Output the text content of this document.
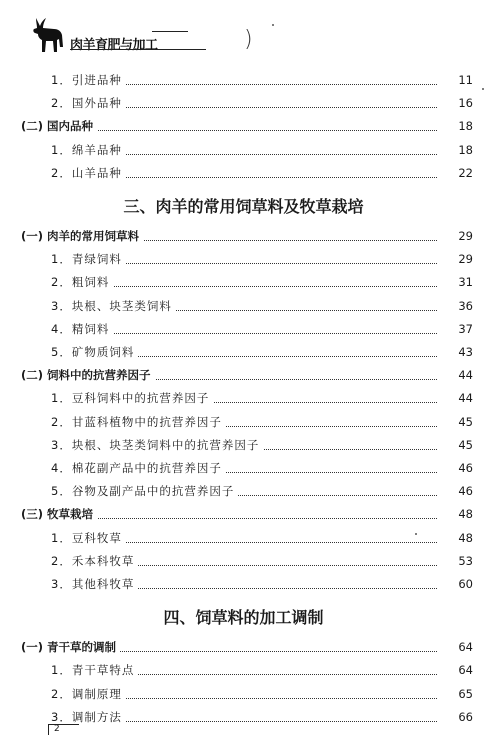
肉羊育肥与加工	)
1．引进品种	11
2．国外品种	16
(二) 国内品种	18
1．绵羊品种	18
2．山羊品种	22
三、肉羊的常用饲草料及牧草栽培
(一) 肉羊的常用饲草料	29
1．青绿饲料	29
2．粗饲料	31
3．块根、块茎类饲料	36
4．精饲料	37
5．矿物质饲料	43
(二) 饲料中的抗营养因子	44
1．豆科饲料中的抗营养因子	44
2．甘蓝科植物中的抗营养因子	45
3．块根、块茎类饲料中的抗营养因子	45
4．棉花副产品中的抗营养因子	46
5．谷物及副产品中的抗营养因子	46
(三) 牧草栽培	48
1．豆科牧草	48
2．禾本科牧草	53
3．其他科牧草	60
四、饲草料的加工调制
(一) 青干草的调制	64
1．青干草特点	64
2．调制原理	65
3．调制方法	66
2
